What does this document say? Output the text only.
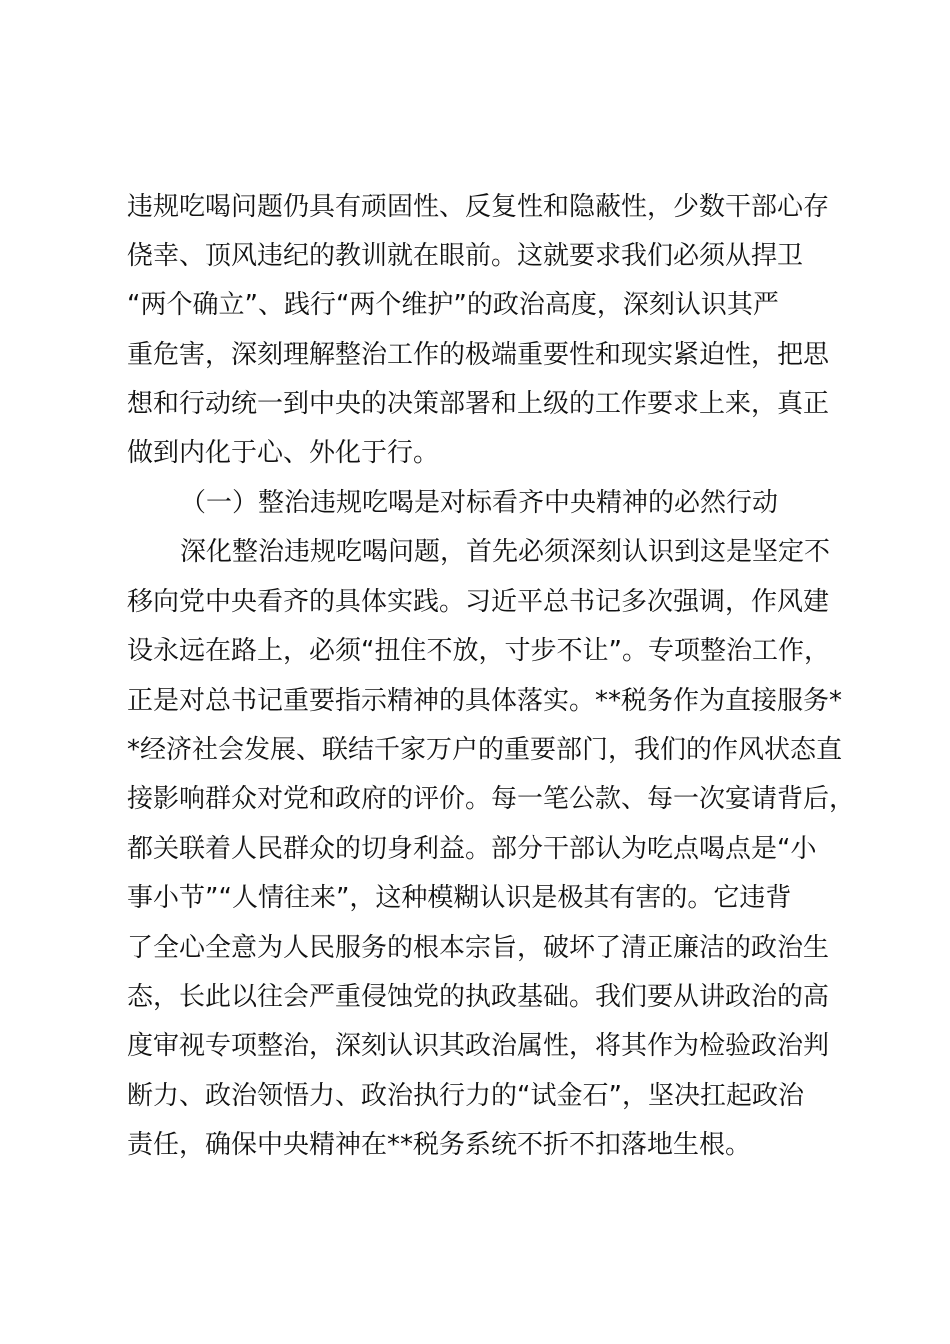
违规吃喝问题仍具有顽固性、反复性和隐蔽性，少数干部心存
侥幸、顶风违纪的教训就在眼前。这就要求我们必须从捍卫
“两个确立”、践行“两个维护”的政治高度，深刻认识其严
重危害，深刻理解整治工作的极端重要性和现实紧迫性，把思
想和行动统一到中央的决策部署和上级的工作要求上来，真正
做到内化于心、外化于行。
（一）整治违规吃喝是对标看齐中央精神的必然行动
深化整治违规吃喝问题，首先必须深刻认识到这是坚定不
移向党中央看齐的具体实践。习近平总书记多次强调，作风建
设永远在路上，必须“扭住不放，寸步不让”。专项整治工作，
正是对总书记重要指示精神的具体落实。**税务作为直接服务*
*经济社会发展、联结千家万户的重要部门，我们的作风状态直
接影响群众对党和政府的评价。每一笔公款、每一次宴请背后，
都关联着人民群众的切身利益。部分干部认为吃点喝点是“小
事小节”“人情往来”，这种模糊认识是极其有害的。它违背
了全心全意为人民服务的根本宗旨，破坏了清正廉洁的政治生
态，长此以往会严重侵蚀党的执政基础。我们要从讲政治的高
度审视专项整治，深刻认识其政治属性，将其作为检验政治判
断力、政治领悟力、政治执行力的“试金石”，坚决扛起政治
责任，确保中央精神在**税务系统不折不扣落地生根。
